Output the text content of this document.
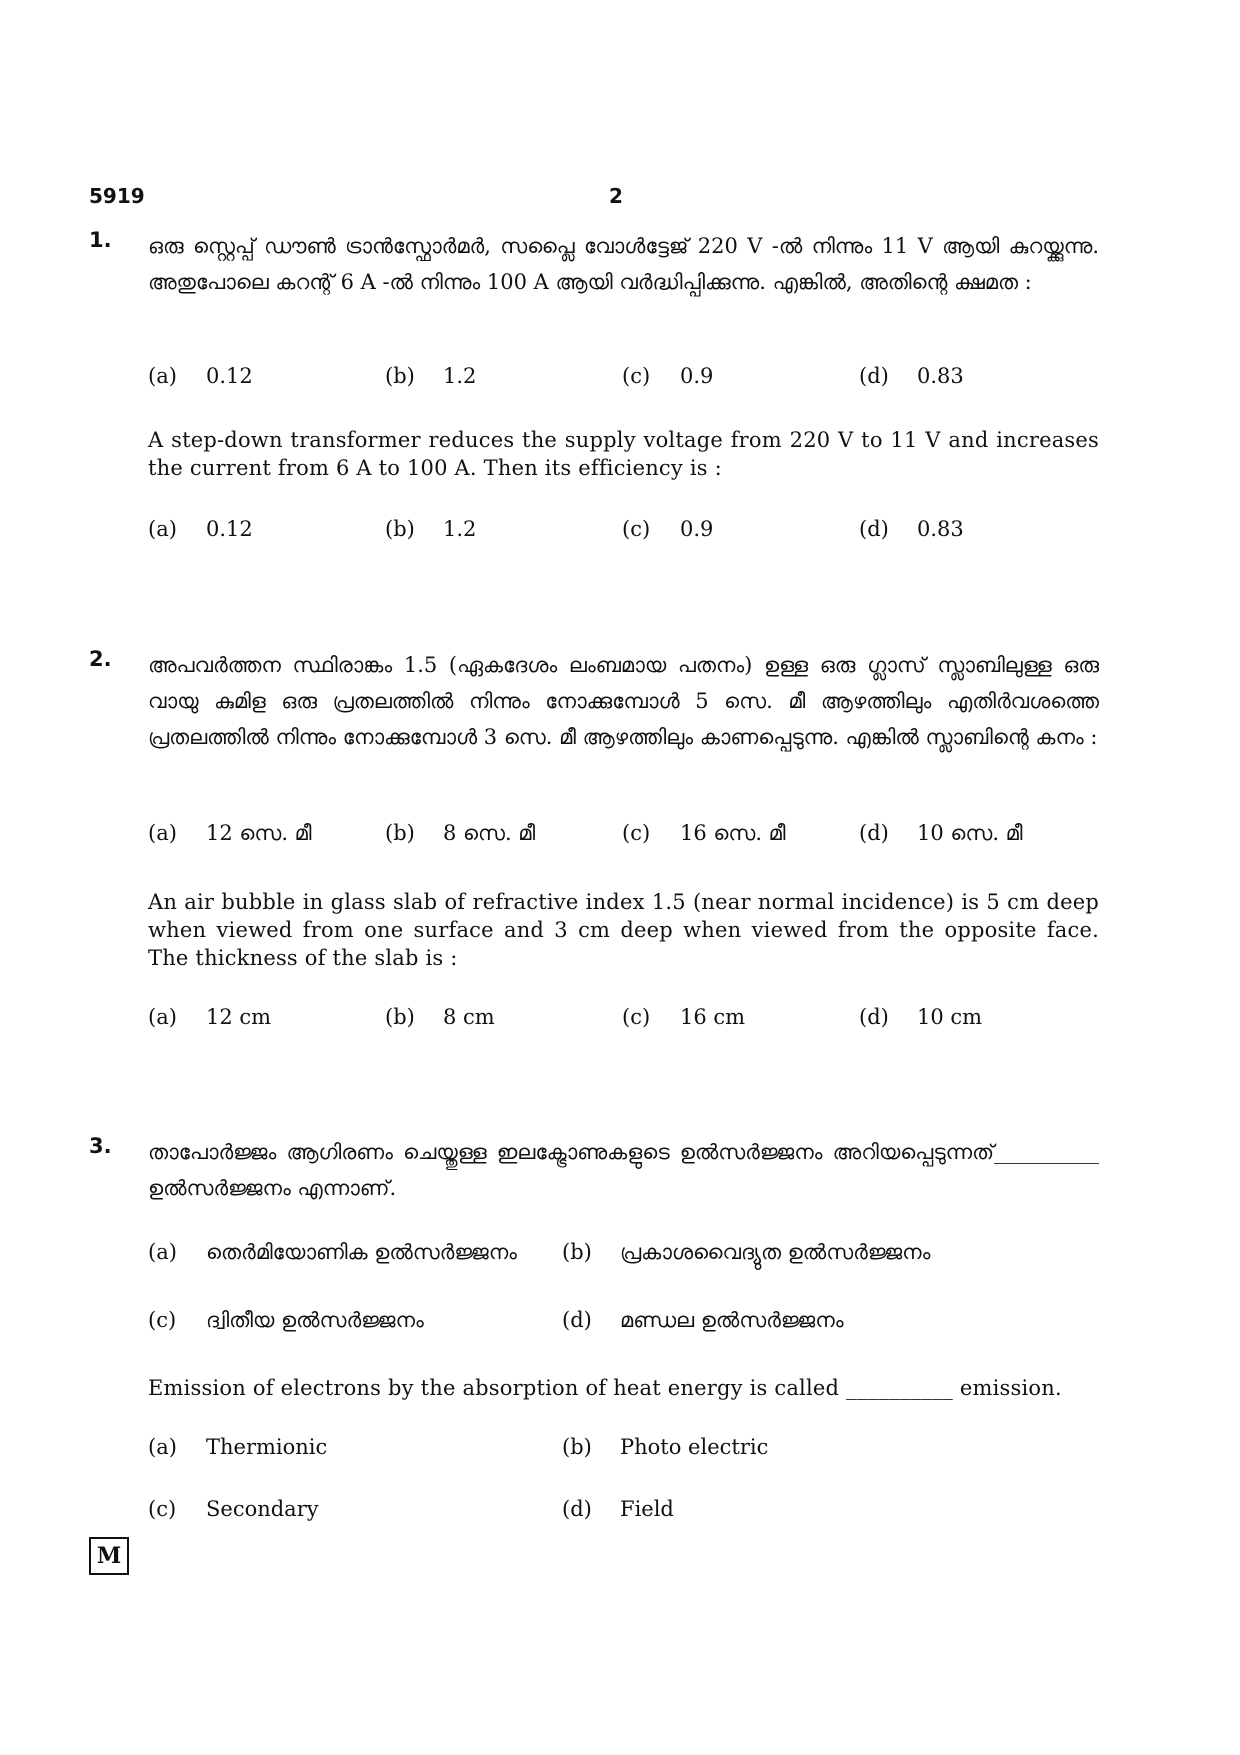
5919	2
1. ഒരു സ്റ്റെപ്പ് ഡൗൺ ട്രാൻസ്ഫോർമർ, സപ്ലൈ വോൾട്ടേജ് 220 V -ൽ നിന്നും 11 V ആയി കുറയ്ക്കുന്നു. അതുപോലെ കറന്റ് 6 A -ൽ നിന്നും 100 A ആയി വർദ്ധിപ്പിക്കുന്നു. എങ്കിൽ, അതിന്റെ ക്ഷമത :
(a) 0.12	(b) 1.2	(c) 0.9	(d) 0.83
A step-down transformer reduces the supply voltage from 220 V to 11 V and increases the current from 6 A to 100 A. Then its efficiency is :
(a) 0.12	(b) 1.2	(c) 0.9	(d) 0.83
2. അപവർത്തന സ്ഥിരാങ്കം 1.5 (ഏകദേശം ലംബമായ പതനം) ഉള്ള ഒരു ഗ്ലാസ് സ്ലാബിലുള്ള ഒരു വായു കുമിള ഒരു പ്രതലത്തിൽ നിന്നും നോക്കുമ്പോൾ 5 സെ. മീ ആഴത്തിലും എതിർവശത്തെ പ്രതലത്തിൽ നിന്നും നോക്കുമ്പോൾ 3 സെ. മീ ആഴത്തിലും കാണപ്പെടുന്നു. എങ്കിൽ സ്ലാബിന്റെ കനം :
(a) 12 സെ. മീ	(b) 8 സെ. മീ	(c) 16 സെ. മീ	(d) 10 സെ. മീ
An air bubble in glass slab of refractive index 1.5 (near normal incidence) is 5 cm deep when viewed from one surface and 3 cm deep when viewed from the opposite face. The thickness of the slab is :
(a) 12 cm	(b) 8 cm	(c) 16 cm	(d) 10 cm
3. താപോർജ്ജം ആഗിരണം ചെയ്തുള്ള ഇലക്ട്രോണുകളുടെ ഉൽസർജ്ജനം അറിയപ്പെടുന്നത്__________ ഉൽസർജ്ജനം എന്നാണ്.
(a) തെർമിയോണിക ഉൽസർജ്ജനം (b) പ്രകാശവൈദ്യുത ഉൽസർജ്ജനം
(c) ദ്വിതീയ ഉൽസർജ്ജനം	(d) മണ്ഡല ഉൽസർജ്ജനം
Emission of electrons by the absorption of heat energy is called __________ emission.
(a) Thermionic	(b) Photo electric
(c) Secondary	(d) Field
M
